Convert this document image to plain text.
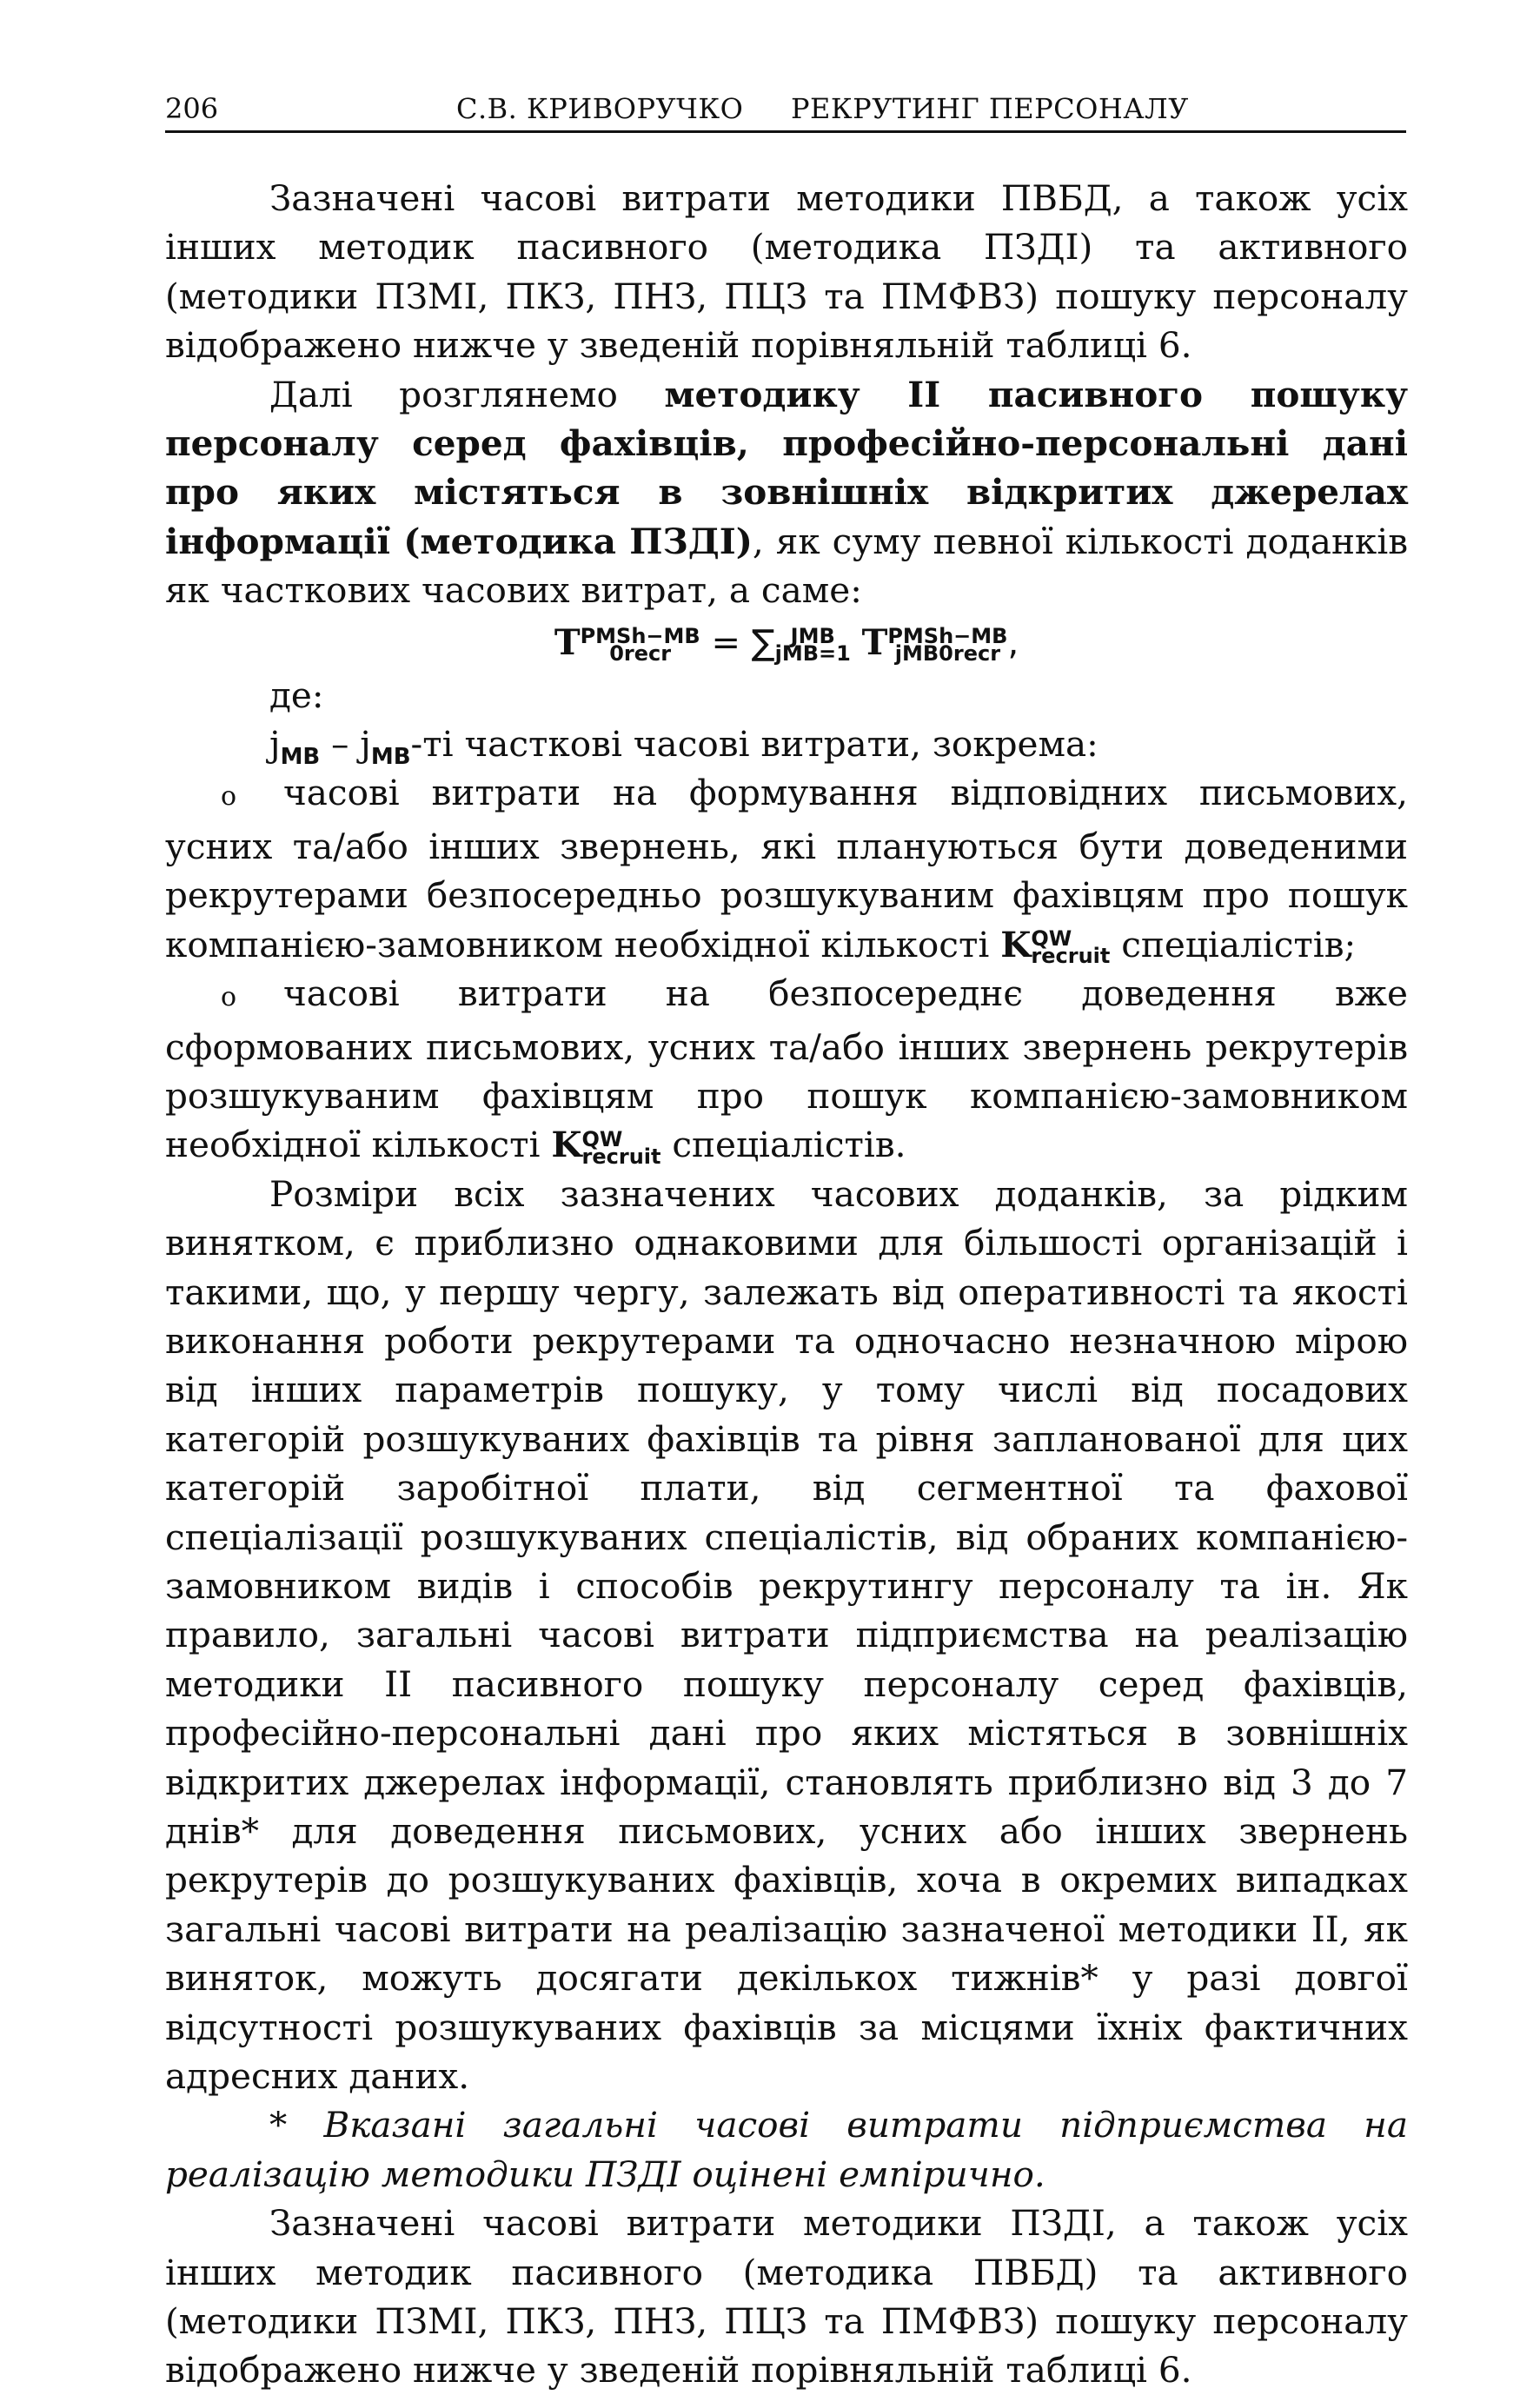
206	С.В. КРИВОРУЧКО РЕКРУТИНГ ПЕРСОНАЛУ

Зазначені часові витрати методики ПВБД, а також усіх інших методик пасивного (методика ПЗДІ) та активного (методики ПЗМІ, ПКЗ, ПНЗ, ПЦЗ та ПМФВЗ) пошуку персоналу відображено нижче у зведеній порівняльній таблиці 6.

Далі розглянемо методику ІІ пасивного пошуку персоналу серед фахівців, професійно-персональні дані про яких містяться в зовнішніх відкритих джерелах інформації (методика ПЗДІ), як суму певної кількості доданків як часткових часових витрат, а саме:

T PMSh−MB
0recr	= ∑ JMB
jMB=1 T PMSh−MB
jMB0recr ,

де:

$j_{MB} - j_{MB}-ті$ часткові часові витрати, зокрема:

o часові витрати на формування відповідних письмових, усних та/або інших звернень, які плануються бути доведеними рекрутерами безпосередньо розшукуваним фахівцям про пошук компанією-замовником необхідної кількості K QW
recruit спеціалістів;

o часові витрати на безпосереднє доведення вже сформованих письмових, усних та/або інших звернень рекрутерів розшукуваним фахівцям про пошук компанією-замовником необхідної кількості K QW
recruit спеціалістів.

Розміри всіх зазначених часових доданків, за рідким винятком, є приблизно однаковими для більшості організацій і такими, що, у першу чергу, залежать від оперативності та якості виконання роботи рекрутерами та одночасно незначною мірою від інших параметрів пошуку, у тому числі від посадових категорій розшукуваних фахівців та рівня запланованої для цих категорій заробітної плати, від сегментної та фахової спеціалізації розшукуваних спеціалістів, від обраних компанією-замовником видів і способів рекрутингу персоналу та ін. Як правило, загальні часові витрати підприємства на реалізацію методики ІІ пасивного пошуку персоналу серед фахівців, професійно-персональні дані про яких містяться в зовнішніх відкритих джерелах інформації, становлять приблизно від 3 до 7 днів* для доведення письмових, усних або інших звернень рекрутерів до розшукуваних фахівців, хоча в окремих випадках загальні часові витрати на реалізацію зазначеної методики ІІ, як виняток, можуть досягати декількох тижнів* у разі довгої відсутності розшукуваних фахівців за місцями їхніх фактичних адресних даних.

* Вказані загальні часові витрати підприємства на реалізацію методики ПЗДІ оцінені емпірично.

Зазначені часові витрати методики ПЗДІ, а також усіх інших методик пасивного (методика ПВБД) та активного (методики ПЗМІ, ПКЗ, ПНЗ, ПЦЗ та ПМФВЗ) пошуку персоналу відображено нижче у зведеній порівняльній таблиці 6.
